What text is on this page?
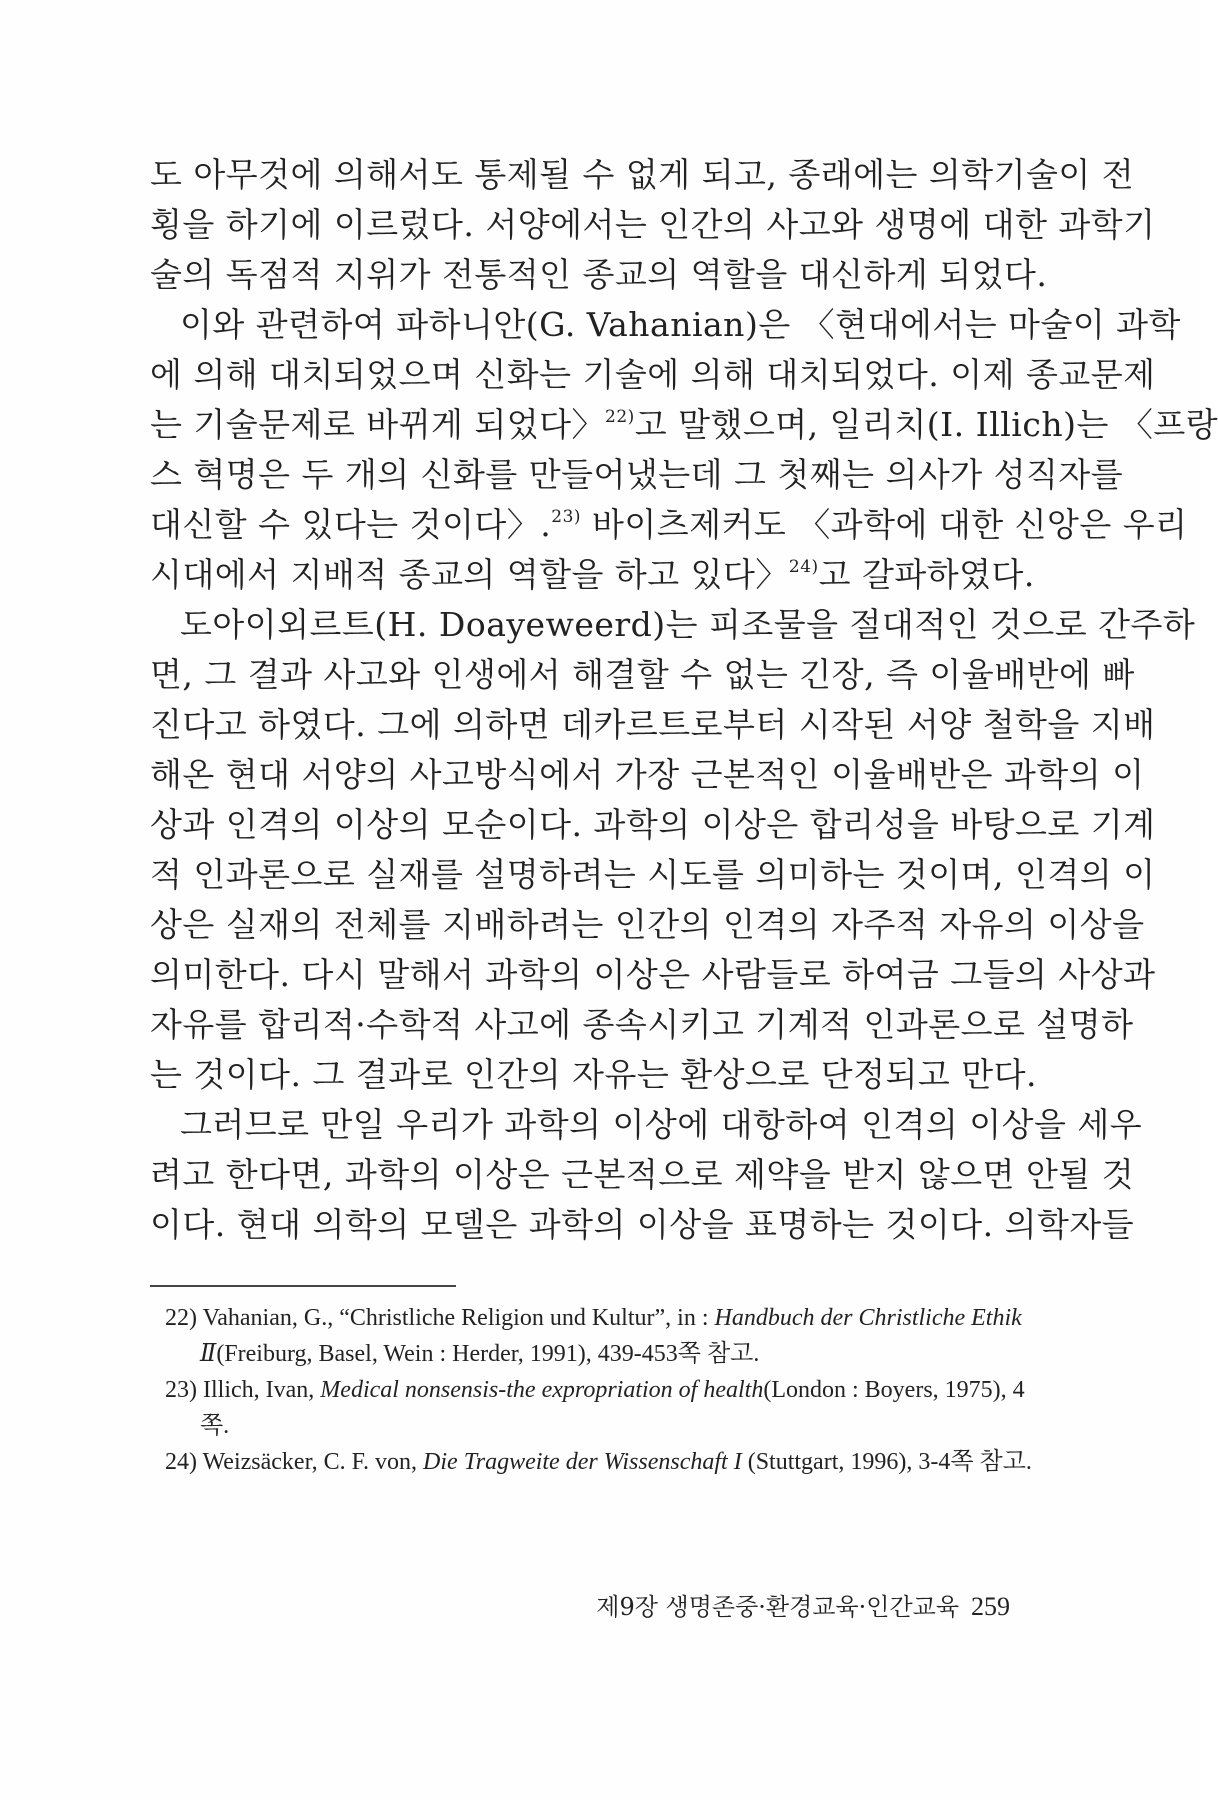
도 아무것에 의해서도 통제될 수 없게 되고, 종래에는 의학기술이 전
횡을 하기에 이르렀다. 서양에서는 인간의 사고와 생명에 대한 과학기
술의 독점적 지위가 전통적인 종교의 역할을 대신하게 되었다.
이와 관련하여 파하니안(G. Vahanian)은 〈현대에서는 마술이 과학
에 의해 대치되었으며 신화는 기술에 의해 대치되었다. 이제 종교문제
는 기술문제로 바뀌게 되었다〉$^{22)}$고 말했으며, 일리치(I. Illich)는 〈프랑
스 혁명은 두 개의 신화를 만들어냈는데 그 첫째는 의사가 성직자를
대신할 수 있다는 것이다〉.$^{23)}$ 바이츠제커도 〈과학에 대한 신앙은 우리
시대에서 지배적 종교의 역할을 하고 있다〉$^{24)}$고 갈파하였다.
도아이외르트(H. Doayeweerd)는 피조물을 절대적인 것으로 간주하
면, 그 결과 사고와 인생에서 해결할 수 없는 긴장, 즉 이율배반에 빠
진다고 하였다. 그에 의하면 데카르트로부터 시작된 서양 철학을 지배
해온 현대 서양의 사고방식에서 가장 근본적인 이율배반은 과학의 이
상과 인격의 이상의 모순이다. 과학의 이상은 합리성을 바탕으로 기계
적 인과론으로 실재를 설명하려는 시도를 의미하는 것이며, 인격의 이
상은 실재의 전체를 지배하려는 인간의 인격의 자주적 자유의 이상을
의미한다. 다시 말해서 과학의 이상은 사람들로 하여금 그들의 사상과
자유를 합리적·수학적 사고에 종속시키고 기계적 인과론으로 설명하
는 것이다. 그 결과로 인간의 자유는 환상으로 단정되고 만다.
그러므로 만일 우리가 과학의 이상에 대항하여 인격의 이상을 세우
려고 한다면, 과학의 이상은 근본적으로 제약을 받지 않으면 안될 것
이다. 현대 의학의 모델은 과학의 이상을 표명하는 것이다. 의학자들

22) Vahanian, G., “Christliche Religion und Kultur”, in : Handbuch der Christliche Ethik Ⅱ(Freiburg, Basel, Wein : Herder, 1991), 439-453쪽 참고.

23) Illich, Ivan, Medical nonsensis-the expropriation of health(London : Boyers, 1975), 4쪽.

24) Weizsäcker, C. F. von, Die Tragweite der Wissenschaft I (Stuttgart, 1996), 3-4쪽 참고.

제9장 생명존중·환경교육·인간교육 259
